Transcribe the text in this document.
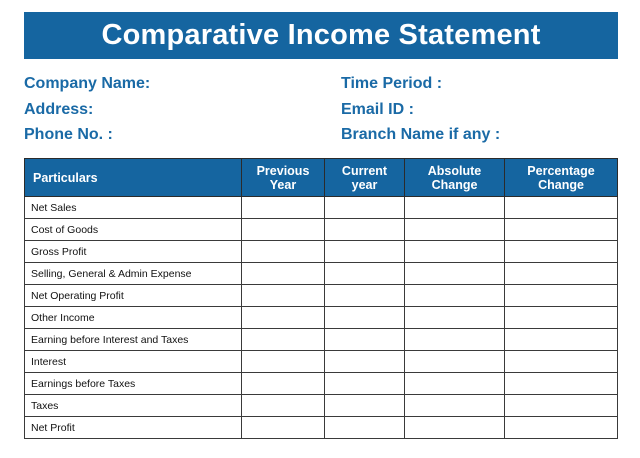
Comparative Income Statement
Company Name:
Address:
Phone No. :
Time Period :
Email ID :
Branch Name if any :
Particulars	Previous Year	Current year	Absolute Change	Percentage Change
Net Sales				
Cost of Goods				
Gross Profit				
Selling, General & Admin Expense				
Net Operating Profit				
Other Income				
Earning before Interest and Taxes				
Interest				
Earnings before Taxes				
Taxes				
Net Profit				
